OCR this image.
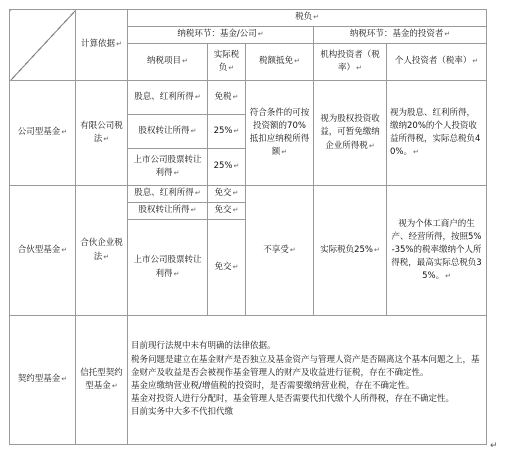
	计算依据↵	税负↵				
		纳税环节：基金/公司↵			纳税环节：基金的投资者↵	
		纳税项目↵	实际税负↵	税额抵免↵	机构投资者（税率）↵	个人投资者（税率）↵
公司型基金↵	有限公司税法↵	股息、红利所得↵	免税↵	符合条件的可按投资额的70%抵扣应纳税所得额↵	视为股权投资收益，可暂免缴纳企业所得税↵	视为股息、红利所得，缴纳20%的个人投资收益所得税，实际总税负40%。↵
		股权转让所得↵	25%↵			
		上市公司股票转让利得↵	25%↵			
合伙型基金↵	合伙企业税法↵	股息、红利所得↵	免交↵	不享受↵	实际税负25%↵	视为个体工商户的生产、经营所得，按照5%-35%的税率缴纳个人所得税，最高实际总税负35%。↵
		股权转让所得↵	免交↵			
		上市公司股票转让利得↵	免交↵			
契约型基金↵	信托型契约型基金↵	目前现行法规中未有明确的法律依据。
税务问题是建立在基金财产是否独立及基金资产与管理人资产是否隔离这个基本问题之上，基金财产及收益是否会被视作基金管理人的财产及收益进行征税，存在不确定性。
基金应缴纳营业税/增值税的投资时，是否需要缴纳营业税，存在不确定性。
基金对投资人进行分配时，基金管理人是否需要代扣代缴个人所得税，存在不确定性。
目前实务中大多不代扣代缴				
↵
